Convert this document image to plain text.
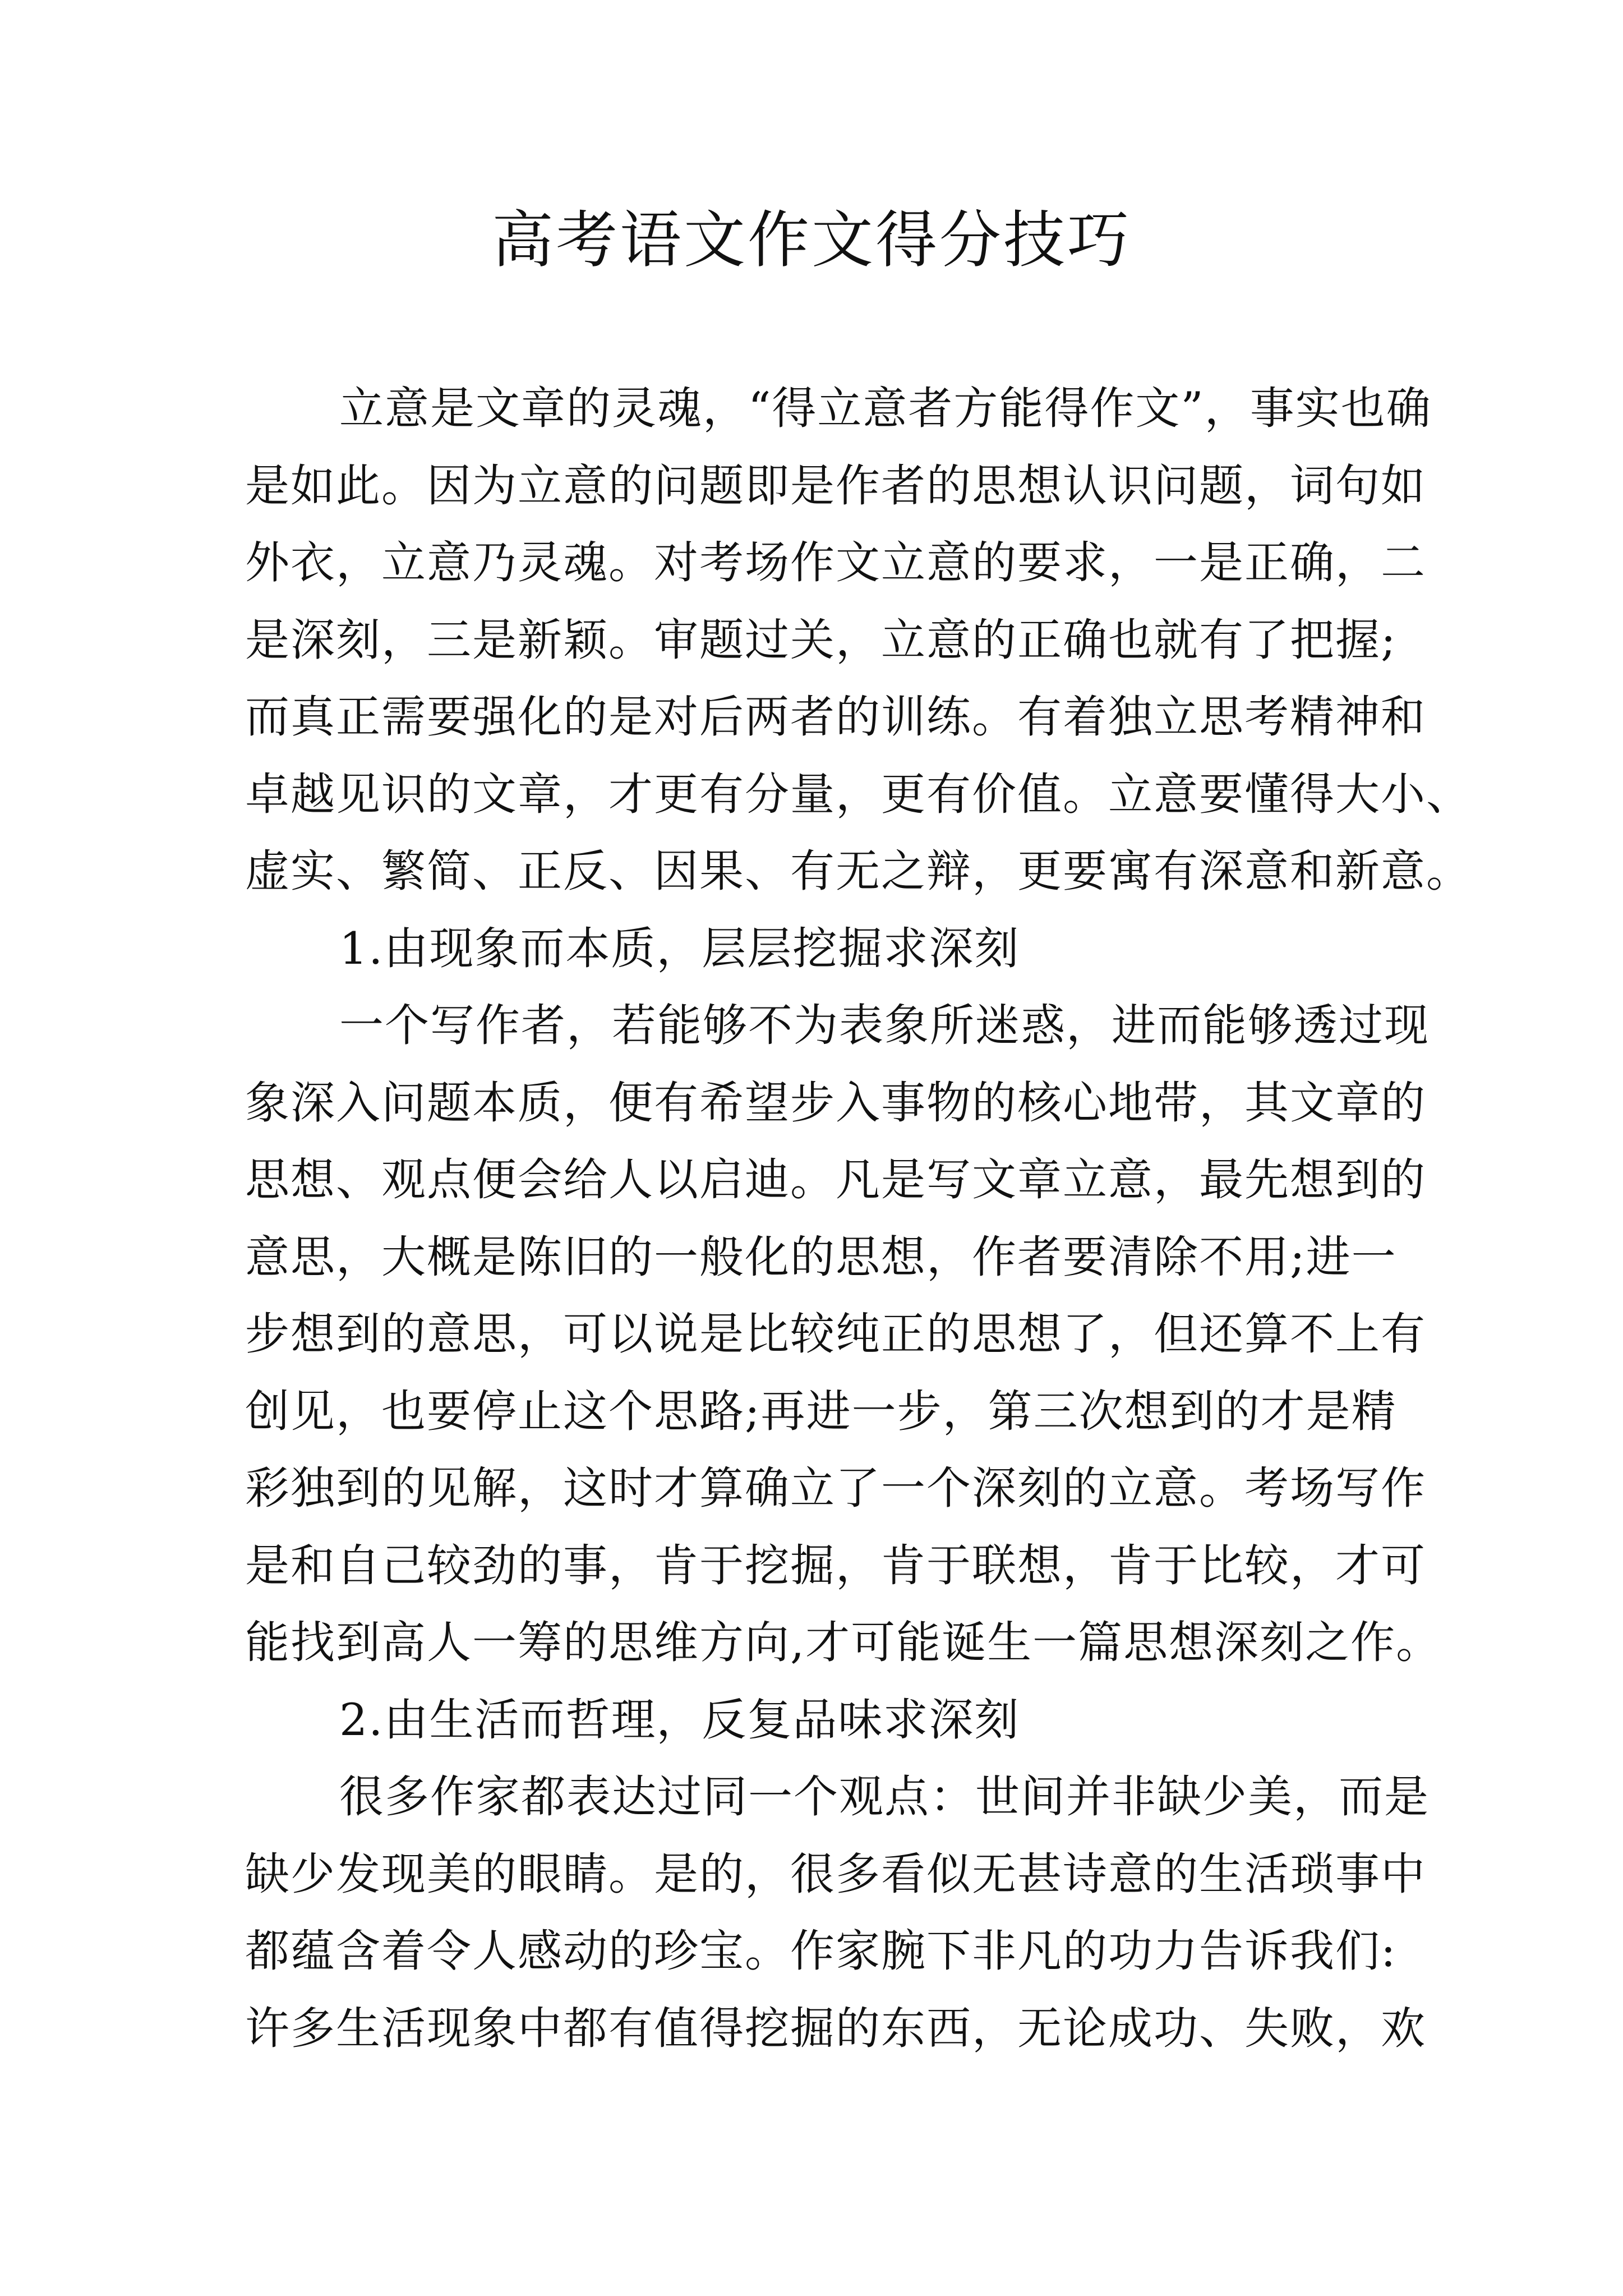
高考语文作文得分技巧
立意是文章的灵魂，“得立意者方能得作文”，事实也确
是如此。因为立意的问题即是作者的思想认识问题，词句如
外衣，立意乃灵魂。对考场作文立意的要求，一是正确，二
是深刻，三是新颖。审题过关，立意的正确也就有了把握;
而真正需要强化的是对后两者的训练。有着独立思考精神和
卓越见识的文章，才更有分量，更有价值。立意要懂得大小、
虚实、繁简、正反、因果、有无之辩，更要寓有深意和新意。
1.由现象而本质，层层挖掘求深刻
一个写作者，若能够不为表象所迷惑，进而能够透过现
象深入问题本质，便有希望步入事物的核心地带，其文章的
思想、观点便会给人以启迪。凡是写文章立意，最先想到的
意思，大概是陈旧的一般化的思想，作者要清除不用;进一
步想到的意思，可以说是比较纯正的思想了，但还算不上有
创见，也要停止这个思路;再进一步，第三次想到的才是精
彩独到的见解，这时才算确立了一个深刻的立意。考场写作
是和自己较劲的事，肯于挖掘，肯于联想，肯于比较，才可
能找到高人一筹的思维方向,才可能诞生一篇思想深刻之作。
2.由生活而哲理，反复品味求深刻
很多作家都表达过同一个观点：世间并非缺少美，而是
缺少发现美的眼睛。是的，很多看似无甚诗意的生活琐事中
都蕴含着令人感动的珍宝。作家腕下非凡的功力告诉我们:
许多生活现象中都有值得挖掘的东西，无论成功、失败，欢
